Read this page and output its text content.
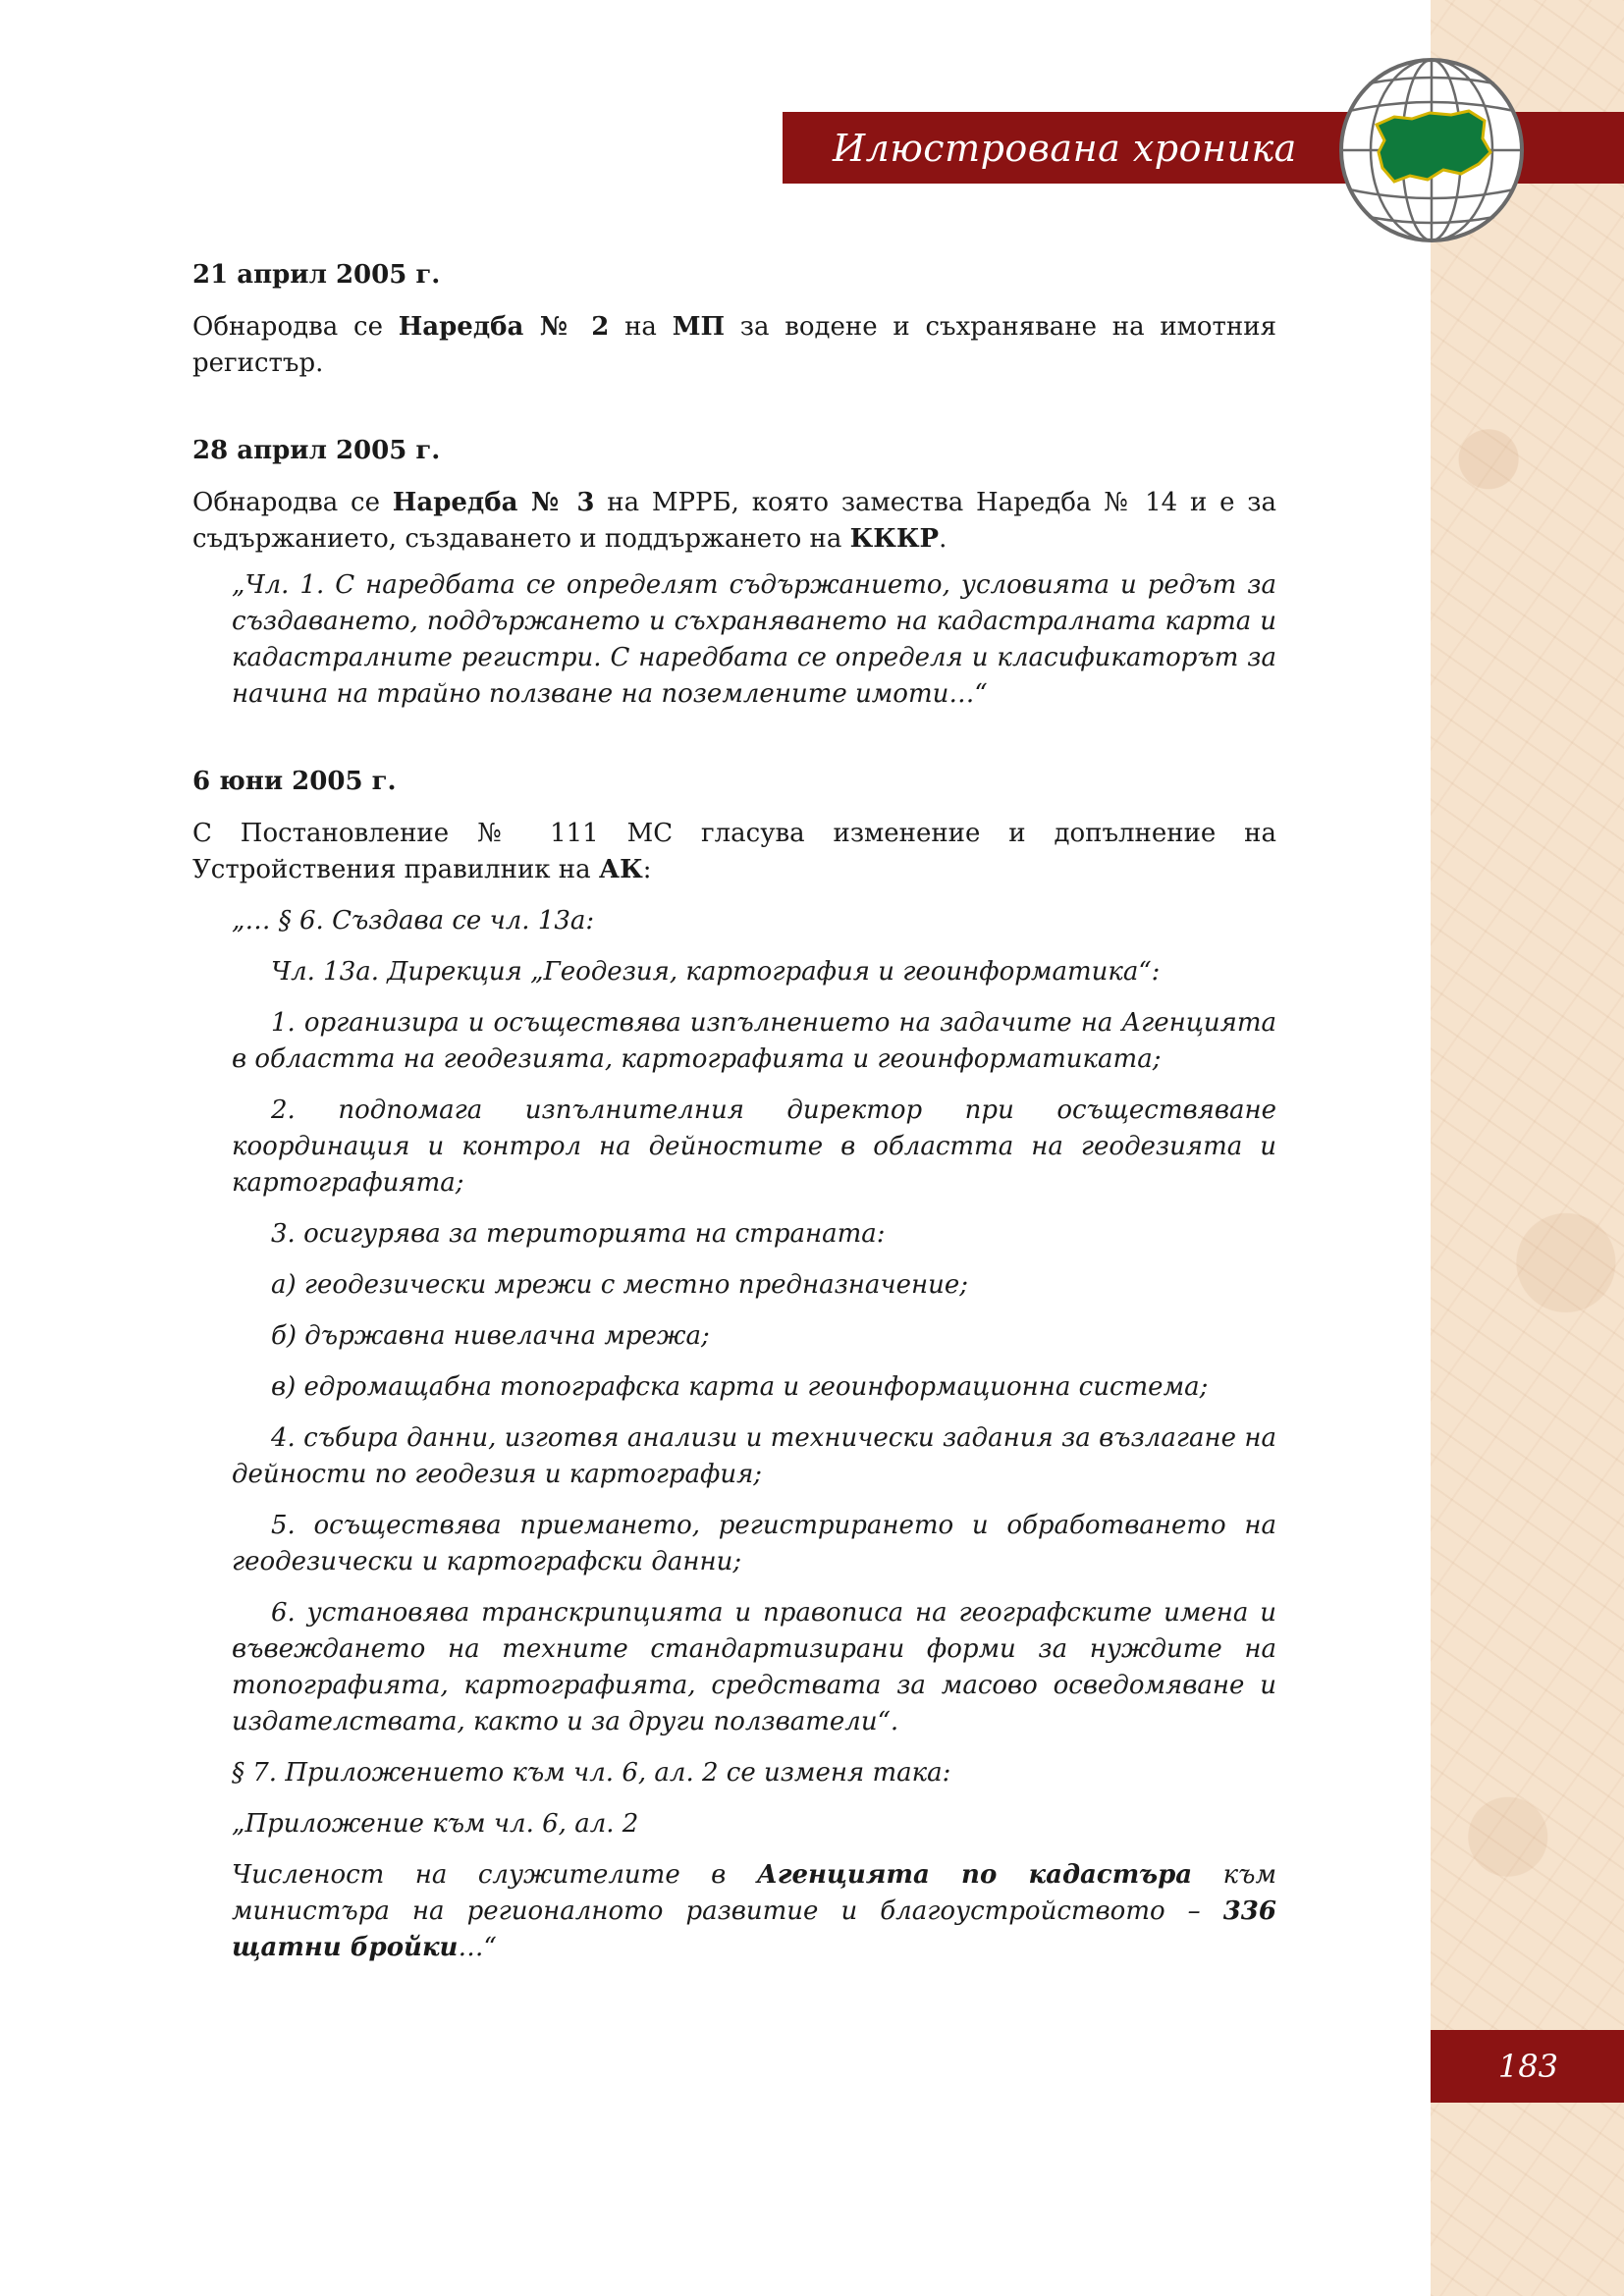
Илюстрована хроника
183

21 април 2005 г.

Обнародва се Наредба № 2 на МП за водене и съхраняване на имотния регистър.

28 април 2005 г.

Обнародва се Наредба № 3 на МРРБ, която замества Наредба № 14 и е за съдържанието, създаването и поддържането на КККР.

„Чл. 1. С наредбата се определят съдържанието, условията и редът за създаването, поддържането и съхраняването на кадастралната карта и кадастралните регистри. С наредбата се определя и класификаторът за начина на трайно ползване на поземлените имоти…“

6 юни 2005 г.

С Постановление № 111 МС гласува изменение и допълнение на Устройствения правилник на АК:

„… § 6. Създава се чл. 13а:

Чл. 13а. Дирекция „Геодезия, картография и геоинформатика“:

1. организира и осъществява изпълнението на задачите на Агенцията в областта на геодезията, картографията и геоинформатиката;

2. подпомага изпълнителния директор при осъществяване координация и контрол на дейностите в областта на геодезията и картографията;

3. осигурява за територията на страната:

а) геодезически мрежи с местно предназначение;

б) държавна нивелачна мрежа;

в) едромащабна топографска карта и геоинформационна система;

4. събира данни, изготвя анализи и технически задания за възлагане на дейности по геодезия и картография;

5. осъществява приемането, регистрирането и обработването на геодезически и картографски данни;

6. установява транскрипцията и правописа на географските имена и въвеждането на техните стандартизирани форми за нуждите на топографията, картографията, средствата за масово осведомяване и издателствата, както и за други ползватели“.

§ 7. Приложението към чл. 6, ал. 2 се изменя така:

„Приложение към чл. 6, ал. 2

Численост на служителите в Агенцията по кадастъра към министъра на регионалното развитие и благоустройството – 336 щатни бройки…“
